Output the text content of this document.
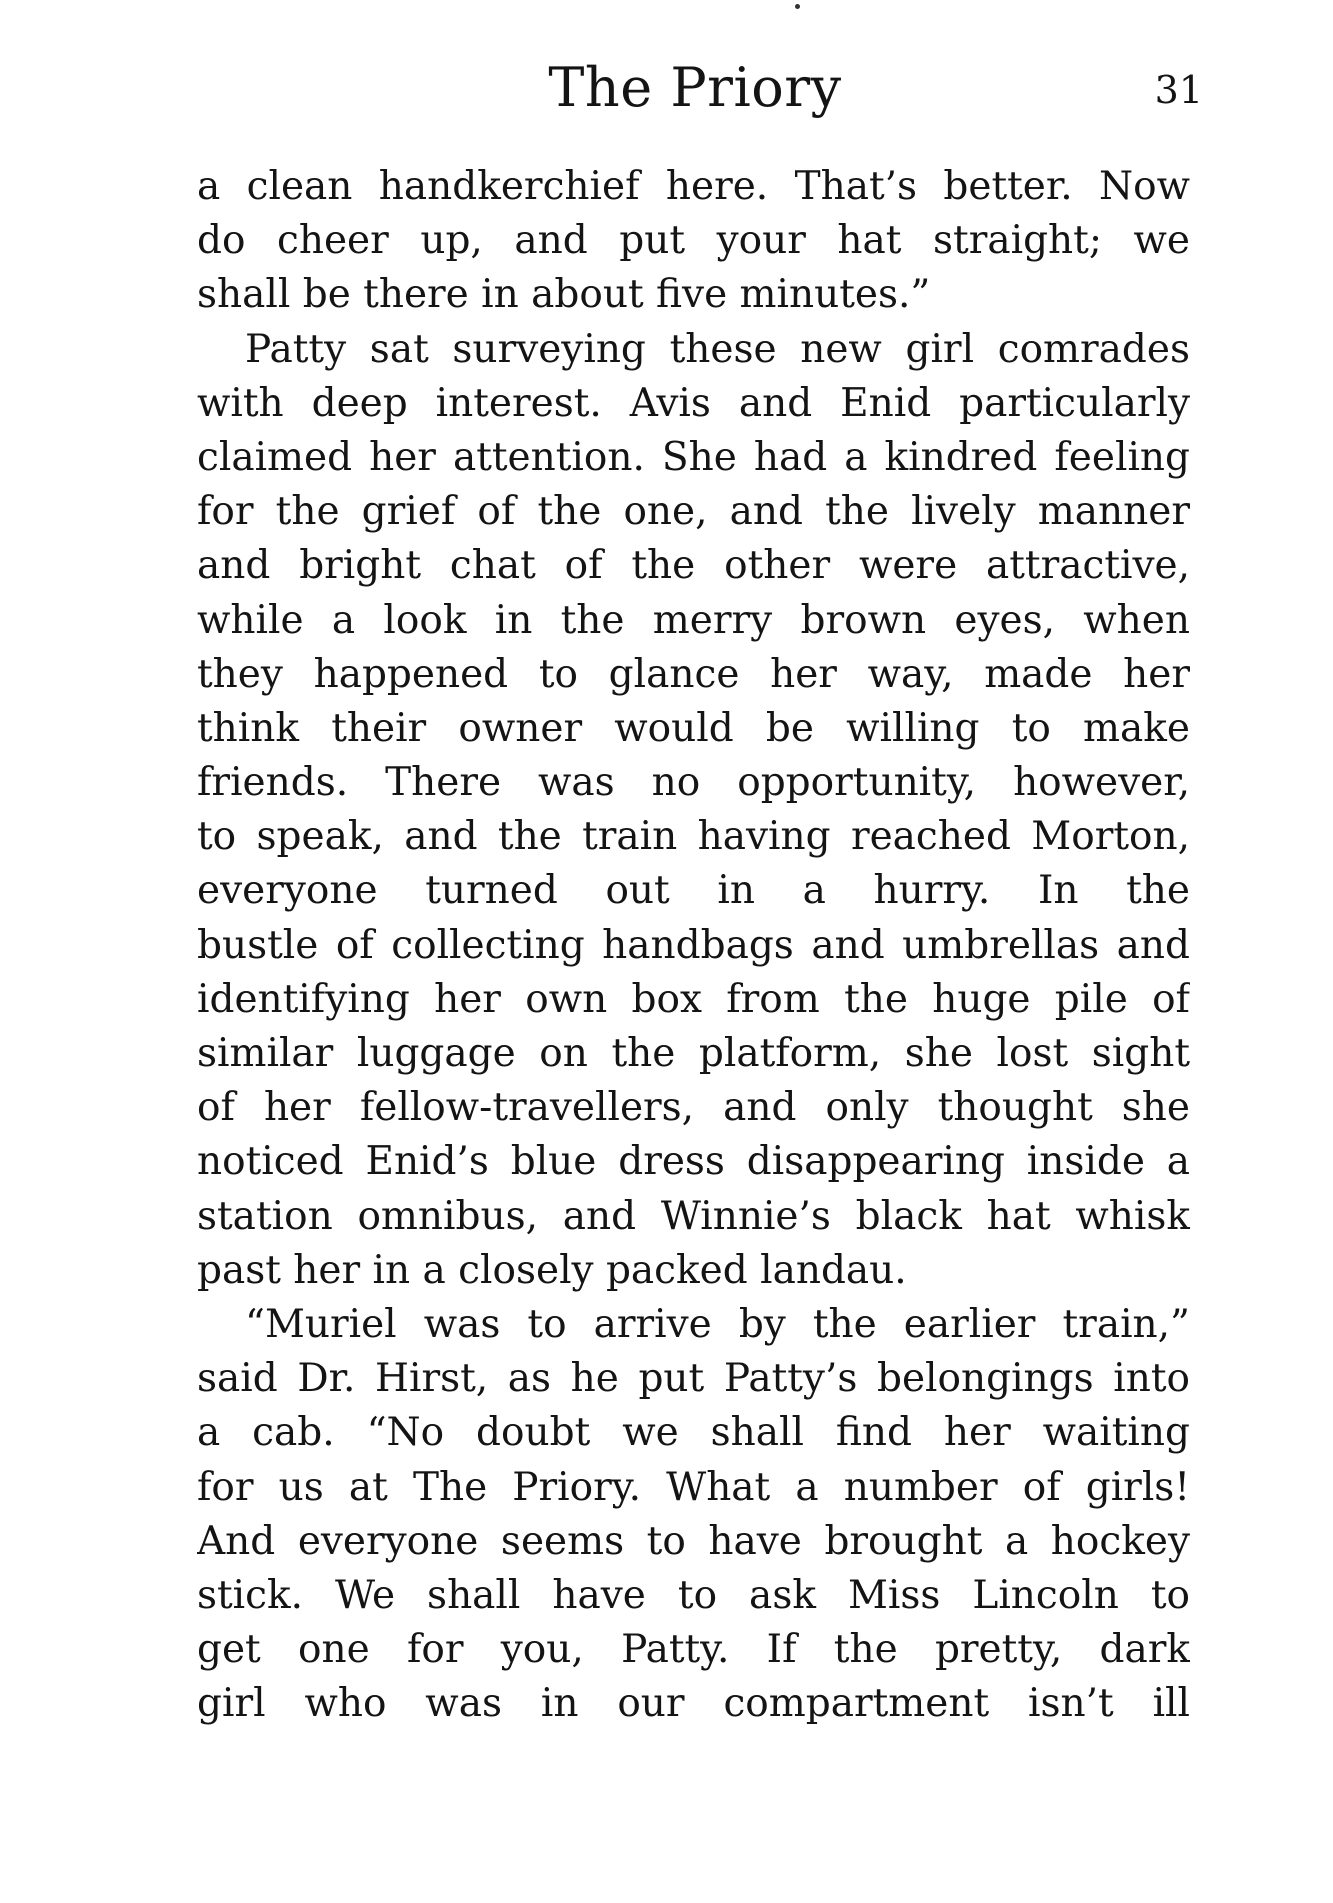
The Priory	31
a clean handkerchief here. That’s better. Now
do cheer up, and put your hat straight; we
shall be there in about five minutes.”
Patty sat surveying these new girl comrades
with deep interest. Avis and Enid particularly
claimed her attention. She had a kindred feeling
for the grief of the one, and the lively manner
and bright chat of the other were attractive,
while a look in the merry brown eyes, when
they happened to glance her way, made her
think their owner would be willing to make
friends. There was no opportunity, however,
to speak, and the train having reached Morton,
everyone turned out in a hurry. In the
bustle of collecting handbags and umbrellas and
identifying her own box from the huge pile of
similar luggage on the platform, she lost sight
of her fellow-travellers, and only thought she
noticed Enid’s blue dress disappearing inside a
station omnibus, and Winnie’s black hat whisk
past her in a closely packed landau.
“Muriel was to arrive by the earlier train,”
said Dr. Hirst, as he put Patty’s belongings into
a cab. “No doubt we shall find her waiting
for us at The Priory. What a number of girls!
And everyone seems to have brought a hockey
stick. We shall have to ask Miss Lincoln to
get one for you, Patty. If the pretty, dark
girl who was in our compartment isn’t ill
